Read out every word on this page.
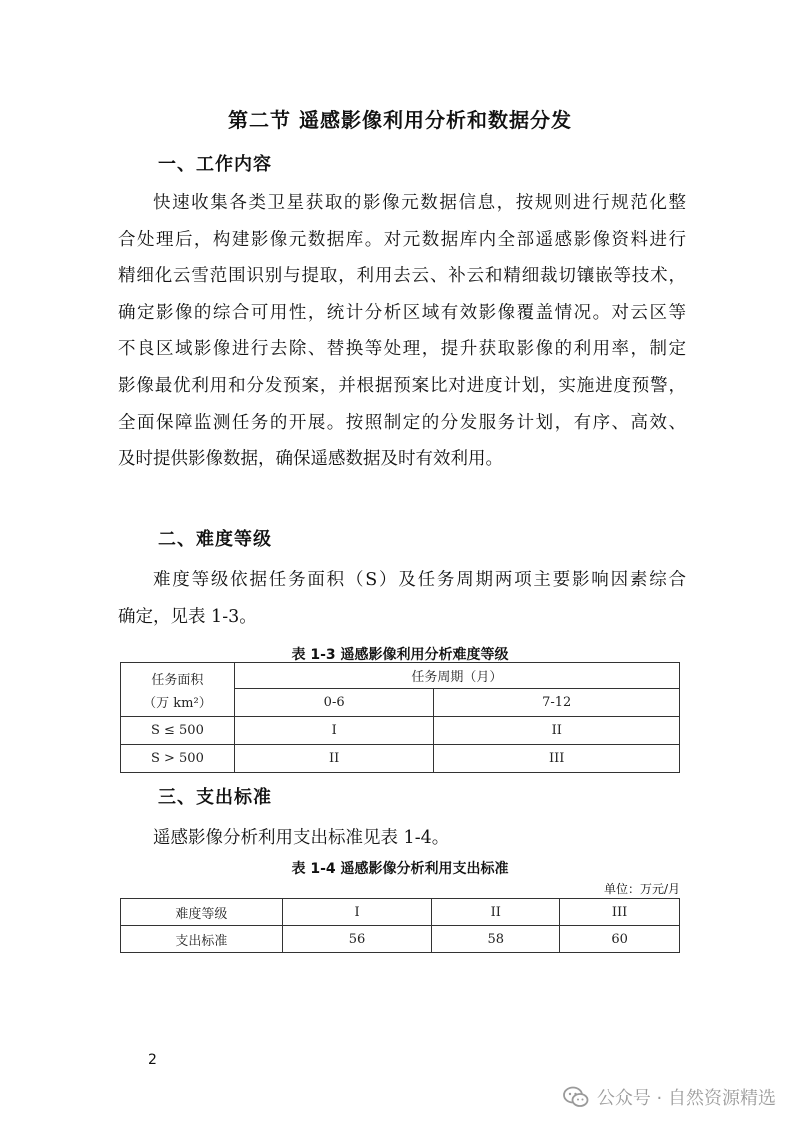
第二节 遥感影像利用分析和数据分发
一、工作内容
快速收集各类卫星获取的影像元数据信息，按规则进行规范化整
合处理后，构建影像元数据库。对元数据库内全部遥感影像资料进行
精细化云雪范围识别与提取，利用去云、补云和精细裁切镶嵌等技术，
确定影像的综合可用性，统计分析区域有效影像覆盖情况。对云区等
不良区域影像进行去除、替换等处理，提升获取影像的利用率，制定
影像最优利用和分发预案，并根据预案比对进度计划，实施进度预警，
全面保障监测任务的开展。按照制定的分发服务计划，有序、高效、
及时提供影像数据，确保遥感数据及时有效利用。
二、难度等级
难度等级依据任务面积（S）及任务周期两项主要影响因素综合
确定，见表 1-3。
表 1-3 遥感影像利用分析难度等级
任务面积
（万 km²）	任务周期（月）	
	0-6	7-12
S ≤ 500	I	II
S > 500	II	III
三、支出标准
遥感影像分析利用支出标准见表 1-4。
表 1-4 遥感影像分析利用支出标准
单位：万元/月
难度等级	I	II	III
支出标准	56	58	60
2
公众号 · 自然资源精选
